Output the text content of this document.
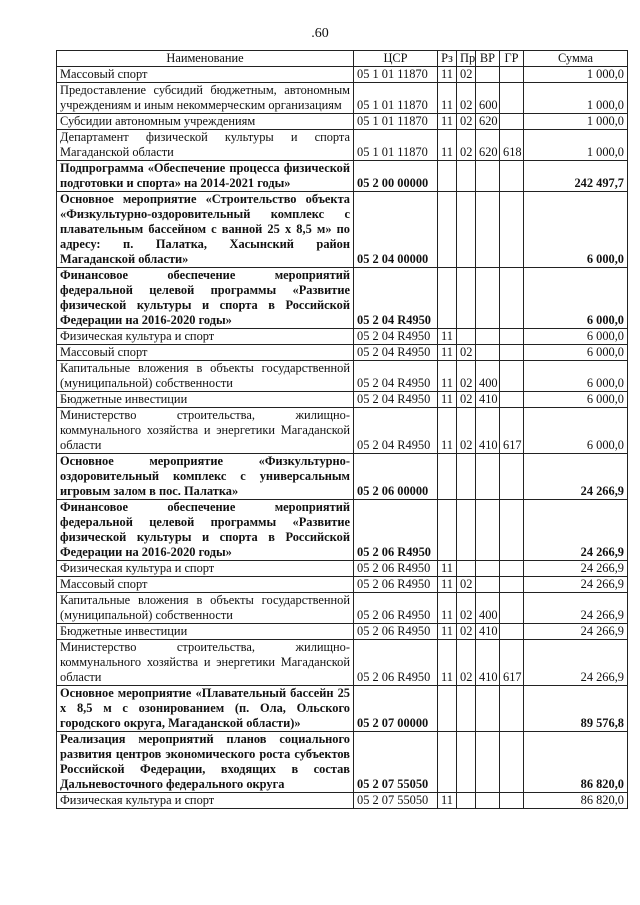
.60
Наименование	ЦСР	Рз	Пр	ВР	ГР	Сумма
Массовый спорт	05 1 01 11870	11	02			1 000,0
Предоставление субсидий бюджетным, автономным учреждениям и иным некоммерческим организациям	05 1 01 11870	11	02	600		1 000,0
Субсидии автономным учреждениям	05 1 01 11870	11	02	620		1 000,0
Департамент физической культуры и спорта Магаданской области	05 1 01 11870	11	02	620	618	1 000,0
Подпрограмма «Обеспечение процесса физической подготовки и спорта» на 2014-2021 годы»	05 2 00 00000					242 497,7
Основное мероприятие «Строительство объекта «Физкультурно-оздоровительный комплекс с плавательным бассейном с ванной 25 х 8,5 м» по адресу: п. Палатка, Хасынский район Магаданской области»	05 2 04 00000					6 000,0
Финансовое обеспечение мероприятий федеральной целевой программы «Развитие физической культуры и спорта в Российской Федерации на 2016-2020 годы»	05 2 04 R4950					6 000,0
Физическая культура и спорт	05 2 04 R4950	11				6 000,0
Массовый спорт	05 2 04 R4950	11	02			6 000,0
Капитальные вложения в объекты государственной (муниципальной) собственности	05 2 04 R4950	11	02	400		6 000,0
Бюджетные инвестиции	05 2 04 R4950	11	02	410		6 000,0
Министерство строительства, жилищно-коммунального хозяйства и энергетики Магаданской области	05 2 04 R4950	11	02	410	617	6 000,0
Основное мероприятие «Физкультурно-оздоровительный комплекс с универсальным игровым залом в пос. Палатка»	05 2 06 00000					24 266,9
Финансовое обеспечение мероприятий федеральной целевой программы «Развитие физической культуры и спорта в Российской Федерации на 2016-2020 годы»	05 2 06 R4950					24 266,9
Физическая культура и спорт	05 2 06 R4950	11				24 266,9
Массовый спорт	05 2 06 R4950	11	02			24 266,9
Капитальные вложения в объекты государственной (муниципальной) собственности	05 2 06 R4950	11	02	400		24 266,9
Бюджетные инвестиции	05 2 06 R4950	11	02	410		24 266,9
Министерство строительства, жилищно-коммунального хозяйства и энергетики Магаданской области	05 2 06 R4950	11	02	410	617	24 266,9
Основное мероприятие «Плавательный бассейн 25 х 8,5 м с озонированием (п. Ола, Ольского городского округа, Магаданской области)»	05 2 07 00000					89 576,8
Реализация мероприятий планов социального развития центров экономического роста субъектов Российской Федерации, входящих в состав Дальневосточного федерального округа	05 2 07 55050					86 820,0
Физическая культура и спорт	05 2 07 55050	11				86 820,0
